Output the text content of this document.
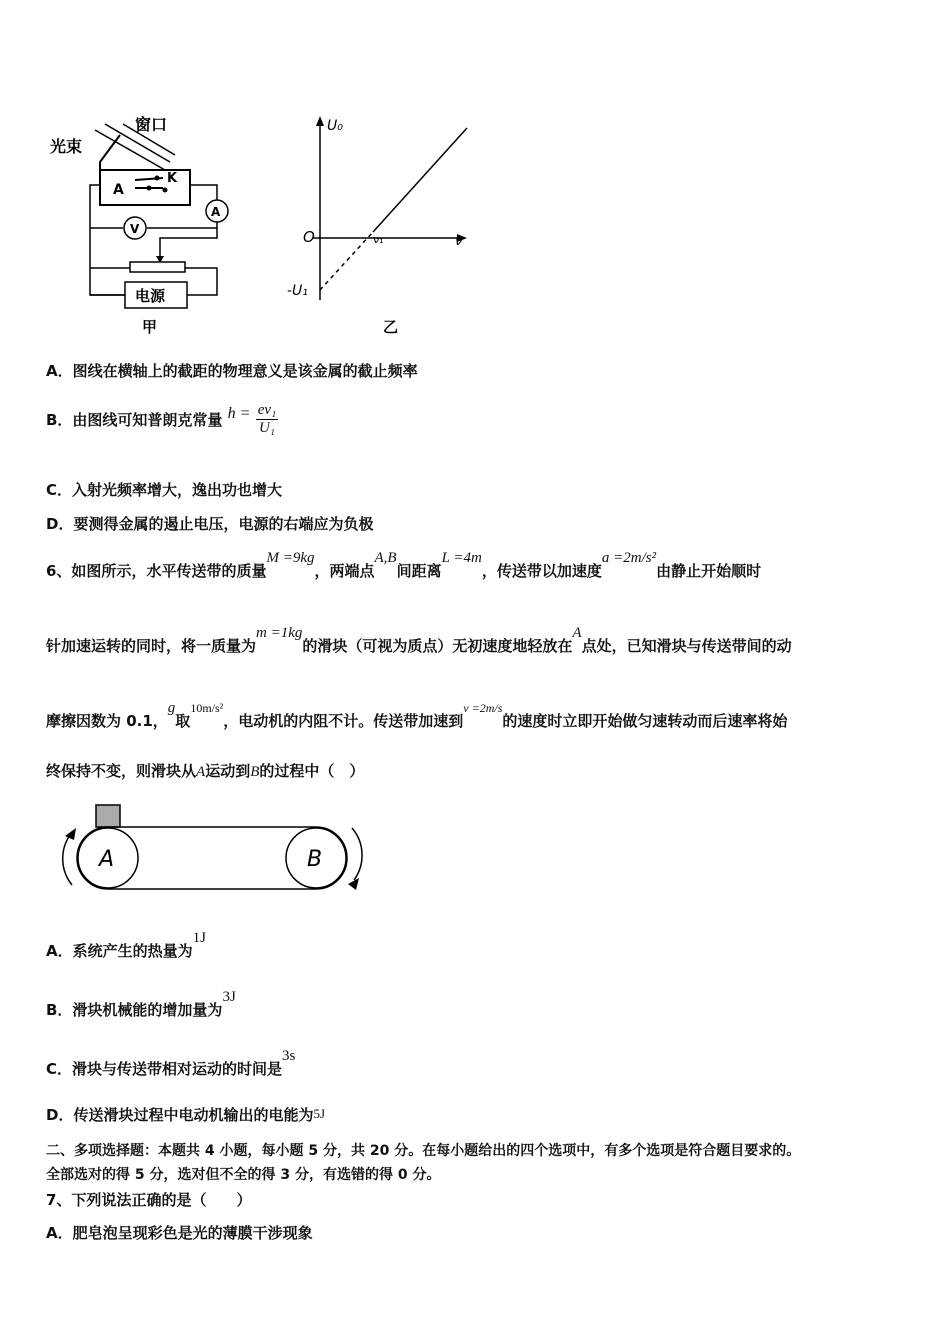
窗口
光束
A
K
A
V
电源
甲
U₀
O	ν₁	ν
-U₁
乙
A．图线在横轴上的截距的物理意义是该金属的截止频率
B．由图线可知普朗克常量 $h = \frac{\text{eν₁}}{\text{U₁}}$
C．入射光频率增大，逸出功也增大
D．要测得金属的遏止电压，电源的右端应为负极
6、如图所示，水平传送带的质量M =9kg，两端点A,B间距离L =4m，传送带以加速度a =2m/s²由静止开始顺时
针加速运转的同时，将一质量为m =1kg的滑块（可视为质点）无初速度地轻放在A点处，已知滑块与传送带间的动
摩擦因数为 0.1，g取$^{10m/s^2}$，电动机的内阻不计。传送带加速到$^{v =2m/s}$的速度时立即开始做匀速转动而后速率将始
终保持不变，则滑块从A运动到B的过程中（　）
A	B
A．系统产生的热量为1J
B．滑块机械能的增加量为3J
C．滑块与传送带相对运动的时间是3s
D．传送滑块过程中电动机输出的电能为5J
二、多项选择题：本题共 4 小题，每小题 5 分，共 20 分。在每小题给出的四个选项中，有多个选项是符合题目要求的。
全部选对的得 5 分，选对但不全的得 3 分，有选错的得 0 分。
7、下列说法正确的是（　　）
A．肥皂泡呈现彩色是光的薄膜干涉现象
